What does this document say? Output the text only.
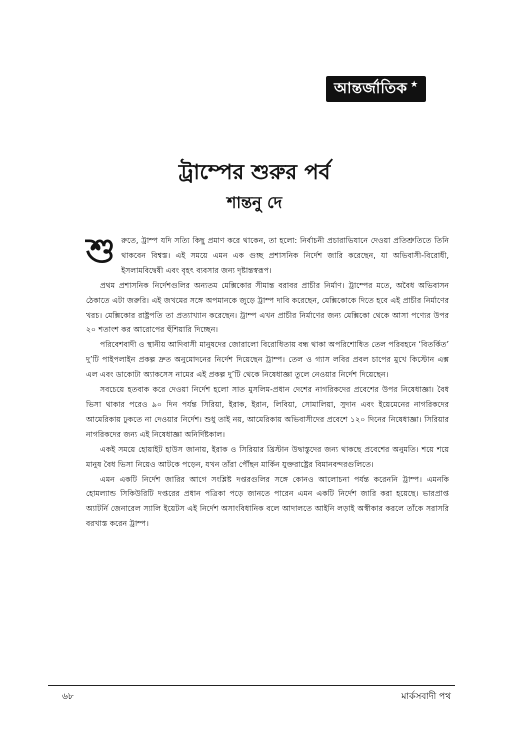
আন্তর্জাতিক ★
ট্রাম্পের শুরুর পর্ব
শান্তনু দে

শুরুতে, ট্রাম্প যদি সত্যি কিছু প্রমাণ করে থাকেন, তা হলো: নির্বাচনী প্রচারাভিযানে দেওয়া প্রতিশ্রুতিতে তিনি থাকবেন বিশ্বস্ত। এই সময়ে এমন এক গুচ্ছ প্রশাসনিক নির্দেশ জারি করেছেন, যা অভিবাসী-বিরোধী, ইসলামবিদ্বেষী এবং বৃহৎ ব্যবসার জন্য দৃষ্টান্তস্বরূপ।

প্রথম প্রশাসনিক নির্দেশগুলির অন্যতম মেক্সিকোর সীমান্ত বরাবর প্রাচীর নির্মাণ। ট্রাম্পের মতে, অবৈধ অভিবাসন ঠেকাতে এটা জরুরি। এই জখমের সঙ্গে অপমানকে জুড়ে ট্রাম্প দাবি করেছেন, মেক্সিকোকে দিতে হবে এই প্রাচীর নির্মাণের খরচ। মেক্সিকোর রাষ্ট্রপতি তা প্রত্যাখ্যান করেছেন। ট্রাম্প এখন প্রাচীর নির্মাণের জন্য মেক্সিকো থেকে আসা পণ্যের উপর ২০ শতাংশ কর আরোপের হুঁশিয়ারি দিচ্ছেন।

পরিবেশবাদী ও স্থানীয় আদিবাসী মানুষদের জোরালো বিরোধিতায় বন্ধ থাকা অপরিশোধিত তেল পরিবহনে ‘বিতর্কিত’ দু’টি পাইপলাইন প্রকল্প দ্রুত অনুমোদনের নির্দেশ দিয়েছেন ট্রাম্প। তেল ও গ্যাস লবির প্রবল চাপের মুখে কিস্টোন এক্স এল এবং ডাকোটা অ্যাকসেস নামের এই প্রকল্প দু’টি থেকে নিষেধাজ্ঞা তুলে নেওয়ার নির্দেশ দিয়েছেন।

সবচেয়ে হতবাক করে দেওয়া নির্দেশ হলো সাত মুসলিম-প্রধান দেশের নাগরিকদের প্রবেশের উপর নিষেধাজ্ঞা। বৈধ ভিসা থাকার পরেও ৯০ দিন পর্যন্ত সিরিয়া, ইরাক, ইরান, লিবিয়া, সোমালিয়া, সুদান এবং ইয়েমেনের নাগরিকদের আমেরিকায় ঢুকতে না দেওয়ার নির্দেশ। শুধু তাই নয়, আমেরিকায় অভিবাসীদের প্রবেশে ১২০ দিনের নিষেধাজ্ঞা। সিরিয়ার নাগরিকদের জন্য এই নিষেধাজ্ঞা অনির্দিষ্টকাল।

একই সময়ে হোয়াইট হাউস জানায়, ইরাক ও সিরিয়ার খ্রিস্টান উদ্বাস্তুদের জন্য থাকছে প্রবেশের অনুমতি। শয়ে শয়ে মানুষ বৈধ ভিসা নিয়েও আটকে পড়েন, যখন তাঁরা পৌঁছন মার্কিন যুক্তরাষ্ট্রের বিমানবন্দরগুলিতে।

এমন একটি নির্দেশ জারির আগে সংশ্লিষ্ট দপ্তরগুলির সঙ্গে কোনও আলোচনা পর্যন্ত করেননি ট্রাম্প। এমনকি হোমল্যান্ড সিকিউরিটি দপ্তরের প্রধান পত্রিকা পড়ে জানতে পারেন এমন একটি নির্দেশ জারি করা হয়েছে। ভারপ্রাপ্ত অ্যাটর্নি জেনারেল স্যালি ইয়েটস এই নির্দেশ অসাংবিধানিক বলে আদালতে আইনি লড়াই অস্বীকার করলে তাঁকে সরাসরি বরখাস্ত করেন ট্রাম্প।

৬৮	মার্কসবাদী পথ
